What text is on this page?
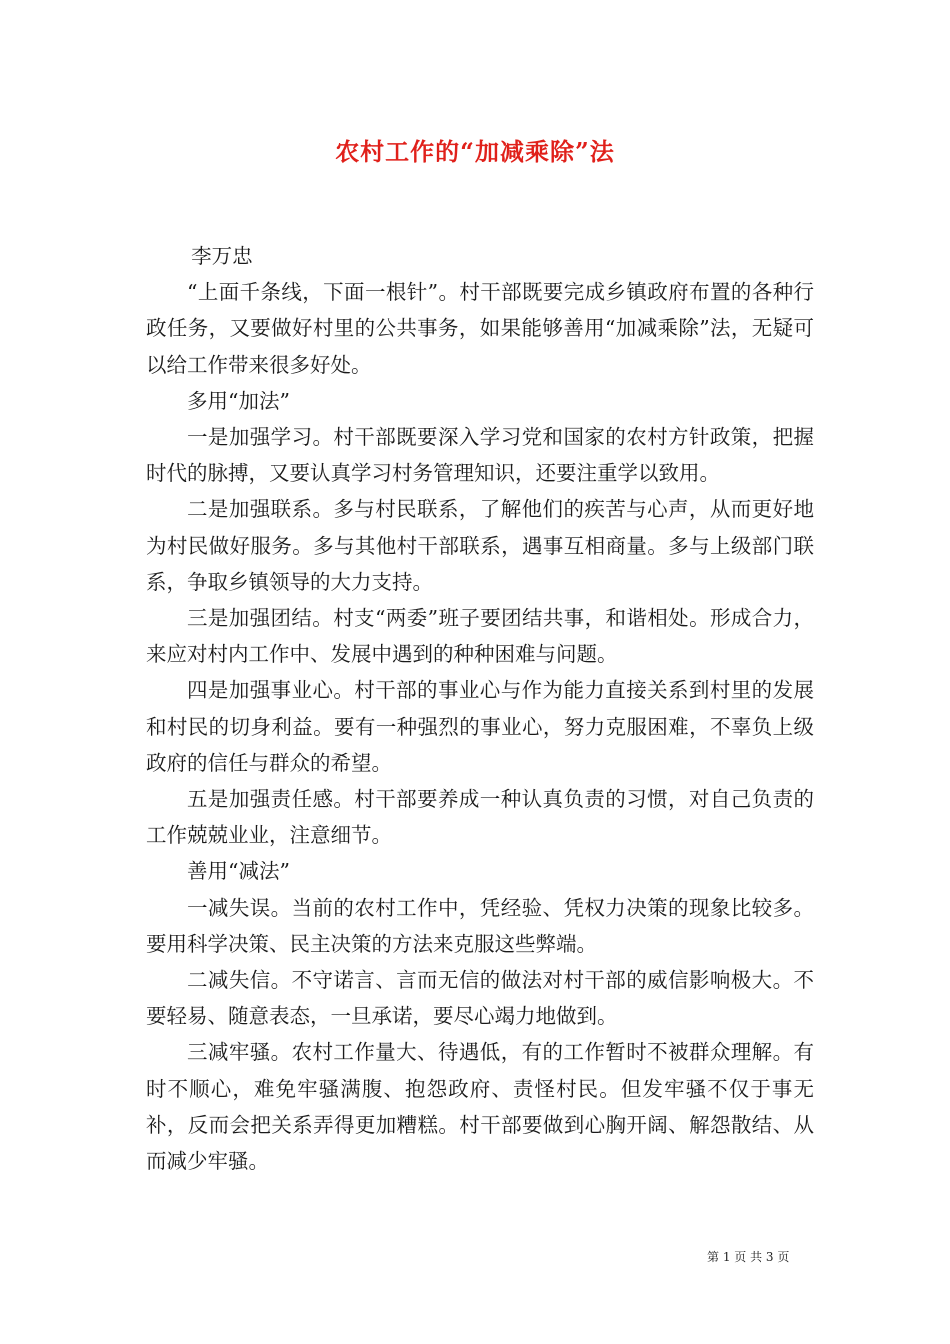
农村工作的“加减乘除”法

李万忠

“上面千条线，下面一根针”。村干部既要完成乡镇政府布置的各种行政任务，又要做好村里的公共事务，如果能够善用“加减乘除”法，无疑可以给工作带来很多好处。

多用“加法”

一是加强学习。村干部既要深入学习党和国家的农村方针政策，把握时代的脉搏，又要认真学习村务管理知识，还要注重学以致用。

二是加强联系。多与村民联系，了解他们的疾苦与心声，从而更好地为村民做好服务。多与其他村干部联系，遇事互相商量。多与上级部门联系，争取乡镇领导的大力支持。

三是加强团结。村支“两委”班子要团结共事，和谐相处。形成合力，来应对村内工作中、发展中遇到的种种困难与问题。

四是加强事业心。村干部的事业心与作为能力直接关系到村里的发展和村民的切身利益。要有一种强烈的事业心，努力克服困难，不辜负上级政府的信任与群众的希望。

五是加强责任感。村干部要养成一种认真负责的习惯，对自己负责的工作兢兢业业，注意细节。

善用“减法”

一减失误。当前的农村工作中，凭经验、凭权力决策的现象比较多。要用科学决策、民主决策的方法来克服这些弊端。

二减失信。不守诺言、言而无信的做法对村干部的威信影响极大。不要轻易、随意表态，一旦承诺，要尽心竭力地做到。

三减牢骚。农村工作量大、待遇低，有的工作暂时不被群众理解。有时不顺心，难免牢骚满腹、抱怨政府、责怪村民。但发牢骚不仅于事无补，反而会把关系弄得更加糟糕。村干部要做到心胸开阔、解怨散结、从而减少牢骚。

第 1 页 共 3 页
